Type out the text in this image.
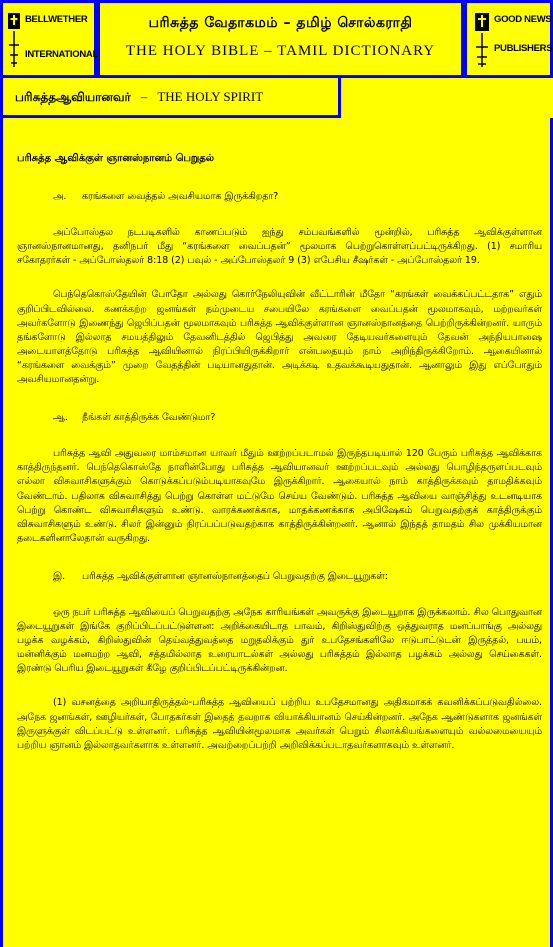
BELLWETHER
INTERNATIONAL
பரிசுத்த வேதாகமம் – தமிழ் சொல்கராதி
THE HOLY BIBLE – TAMIL DICTIONARY
GOOD NEWS
PUBLISHERS
பரிசுத்தஆவியானவர் – THE HOLY SPIRIT
பரிசுத்த ஆவிக்குள் ஞானஸ்நானம் பெறுதல்
அ. கரங்களை வைத்தல் அவசியமாக இருக்கிறதா?

அப்போஸ்தல நடபடிகளில் காணப்படும் ஐந்து சம்பவங்களில் மூன்றில், பரிசுத்த ஆவிக்குள்ளான ஞானஸ்நானமானது, தனிநபர் மீது “கரங்களை வைப்பதன்” மூலமாக பெற்றுகொள்ளப்பட்டிருக்கிறது. (1) சமாரிய சகோதரர்கள் - அப்போஸ்தலர் 8:18 (2) பவுல் - அப்போஸ்தலர் 9 (3) எபேசிய சீஷர்கள் - அப்போஸ்தலர் 19.

பெந்தெகொஸ்தேயின் போதோ அல்லது கொர்நேலியுவின் வீட்டாரின் மீதோ “கரங்கள் வைக்கப்பட்டதாக” எதும் குறிப்பிடவில்லை. கணக்கற்ற ஜனங்கள் நம்முடைய சபையிலே கரங்களை வைப்பதன் மூலமாகவும், மற்றவர்கள் அவர்களோடு இணைந்து ஜெபிப்பதன் மூலமாகவும் பரிசுத்த ஆவிக்குள்ளான ஞானஸ்நானத்தை பெற்றிருக்கின்றனர். யாரும் தங்களோடு இல்லாத சமயத்திலும் தேவனிடத்தில் ஜெபித்து அவரை தேடியவர்களையும் தேவன் அந்நியபாஷை அடையாளத்தோடு பரிசுத்த ஆவியினால் நிரப்பியிருக்கிறார் என்பதையும் நாம் அறிந்திருக்கிறோம். ஆகையினால் “கரங்களை வைக்கும்” முறை வேதத்தின் படியானதுதான். அடிக்கடி உதவக்கூடியதுதான். ஆனாலும் இது எப்போதும் அவசியமானதன்று.

ஆ. நீங்கள் காத்திருக்க வேண்டுமா?

பரிசுத்த ஆவி அதுவரை மாம்சமான யாவர் மீதும் ஊற்றப்படாமல் இருந்தபடியால் 120 பேரும் பரிசுத்த ஆவிக்காக காத்திருந்தனர். பெந்தெகொஸ்தே நாளின்போது பரிசுத்த ஆவியானவர் ஊற்றப்படவும் அல்லது பொழிந்தருளப்படவும் எல்லா விசுவாசிகளுக்கும் கொடுக்கப்படும்படியாகவுமே இருக்கிறார். ஆகையால் நாம் காத்திருக்கவும் தாமதிக்கவும் வேண்டாம். பதிலாக விசுவாசித்து பெற்று கொள்ள மட்டுமே செய்ய வேண்டும். பரிசுத்த ஆவியை வாஞ்சித்து உடனடியாக பெற்று கொண்ட விசுவாசிகளும் உண்டு. வாரக்கணக்காக, மாதக்கணக்காக அபிஷேகம் பெறுவதற்குக் காத்திருக்கும் விசுவாசிகளும் உண்டு. சிலர் இன்னும் நிரப்பப்படுவதற்காக காத்திருக்கின்றனர். ஆனால் இந்தத் தாமதம் சில முக்கியமான தடைகளினாலேதான் வருகிறது.

இ. பரிசுத்த ஆவிக்குள்ளான ஞானஸ்நானத்தைப் பெறுவதற்கு இடையூறுகள்:

ஒரு நபர் பரிசுத்த ஆவியைப் பெறுவதற்கு அநேக காரியங்கள் அவருக்கு இடையூறாக இருக்கலாம். சில பொதுவான இடையூறுகள் இங்கே குறிப்பிடப்பட்டுள்ளன: அறிக்கையிடாத பாவம், கிறிஸ்துவிற்கு ஒத்துவராத மனப்பாங்கு அல்லது பழக்க வழக்கம், கிறிஸ்துவின் தெய்வத்துவத்தை மறுதலிக்கும் துர் உபதேசங்களிலே ஈடுபாட்டுடன் இருத்தல், பயம், மன்னிக்கும் மனமற்ற ஆவி, சத்தமில்லாத உரையாடல்கள் அல்லது பரிசுத்தம் இல்லாத பழக்கம் அல்லது செய்கைகள். இரண்டு பெரிய இடையூறுகள் கீழே குறிப்பிடப்பட்டிருக்கின்றன.

(1) வசனத்தை அறியாதிருத்தல்-பரிசுத்த ஆவியைப் பற்றிய உபதேசமானது அதிகமாகக் கவனிக்கப்படுவதில்லை. அநேக ஜனங்கள், ஊழியர்கள், போதகர்கள் இதைத் தவறாக வியாக்கியானம் செய்கின்றனர். அநேக ஆண்டுகளாக ஜனங்கள் இருளுக்குள் விடப்பட்டு உள்ளனர். பரிசுத்த ஆவியின்மூலமாக அவர்கள் பெறும் சிலாக்கியங்களையும் வல்லமையையும் பற்றிய ஞானம் இல்லாதவர்களாக உள்ளனர். அவற்றைப்பற்றி அறிவிக்கப்படாதவர்களாகவும் உள்ளனர்.
